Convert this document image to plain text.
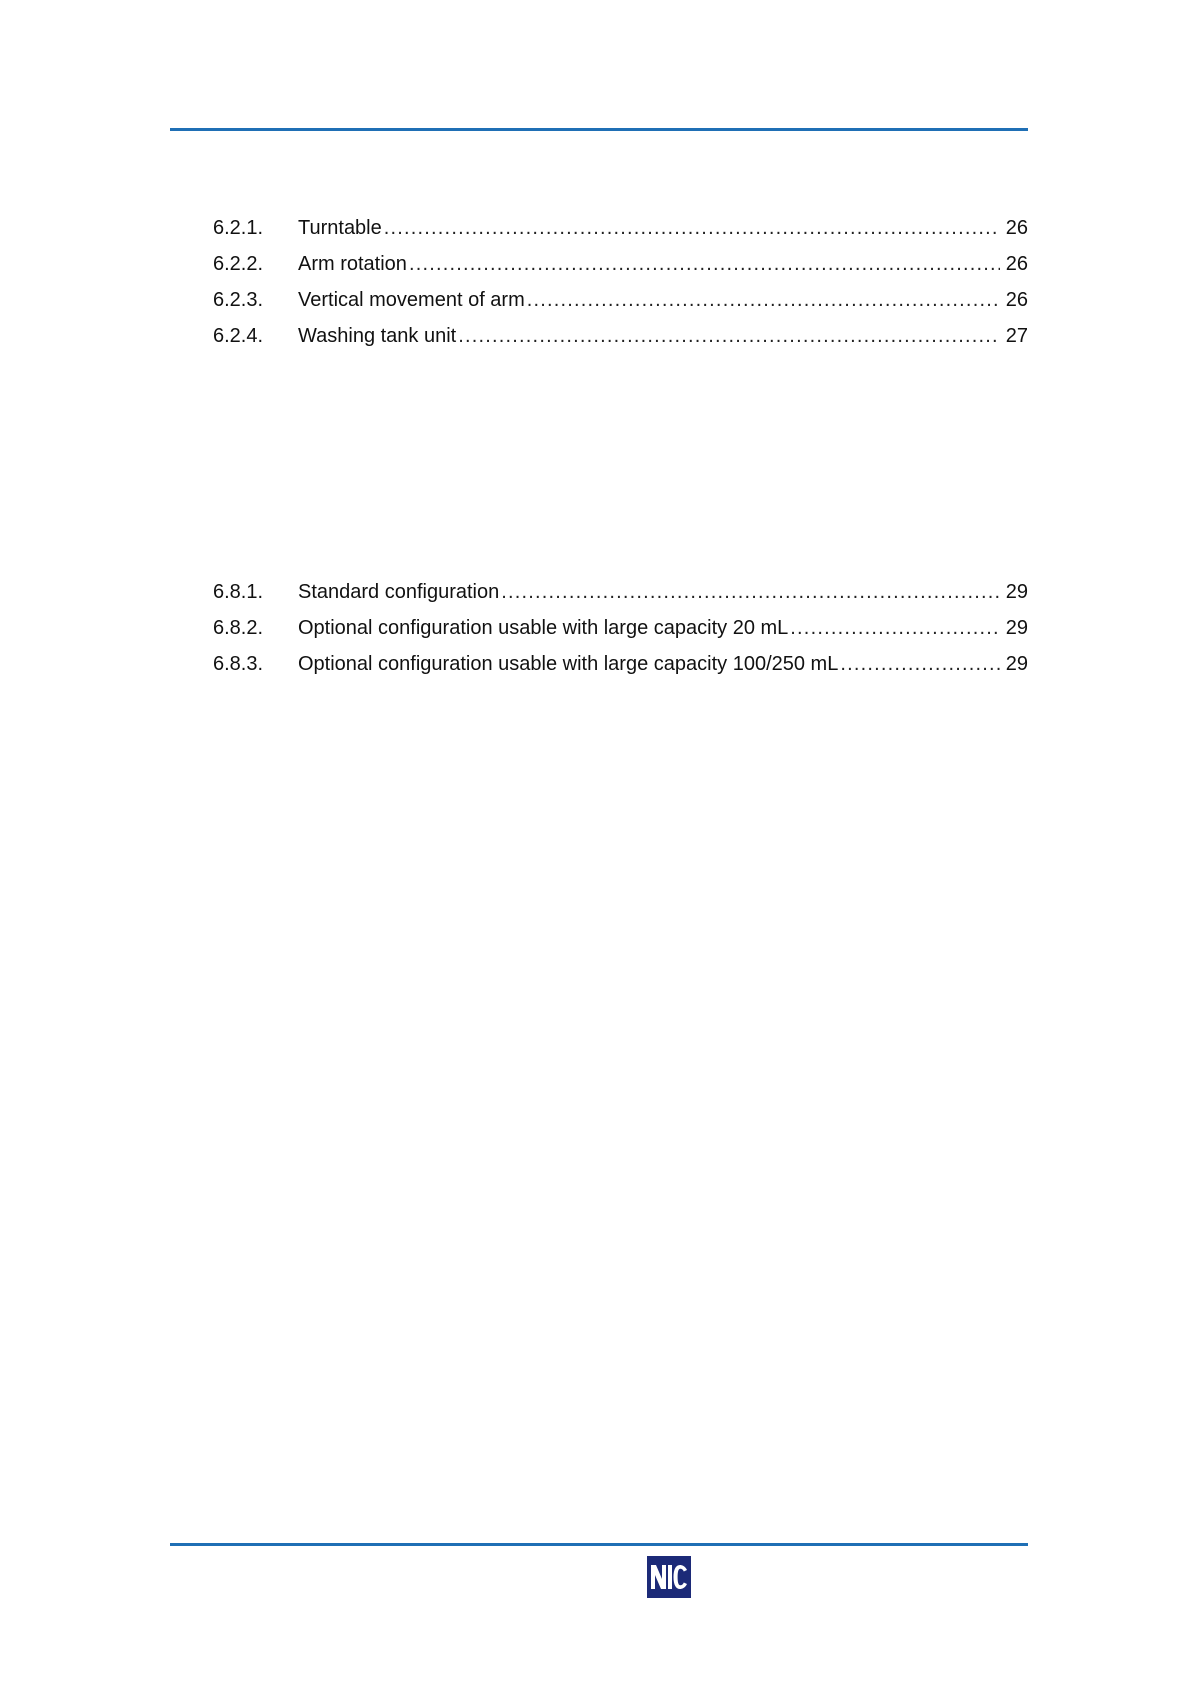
6.2.1.	Turntable .....	26
6.2.2.	Arm rotation .....	26
6.2.3.	Vertical movement of arm .....	26
6.2.4.	Washing tank unit .....	27
6.8.1.	Standard configuration .....	29
6.8.2.	Optional configuration usable with large capacity 20 mL .....	29
6.8.3.	Optional configuration usable with large capacity 100/250 mL .....	29
